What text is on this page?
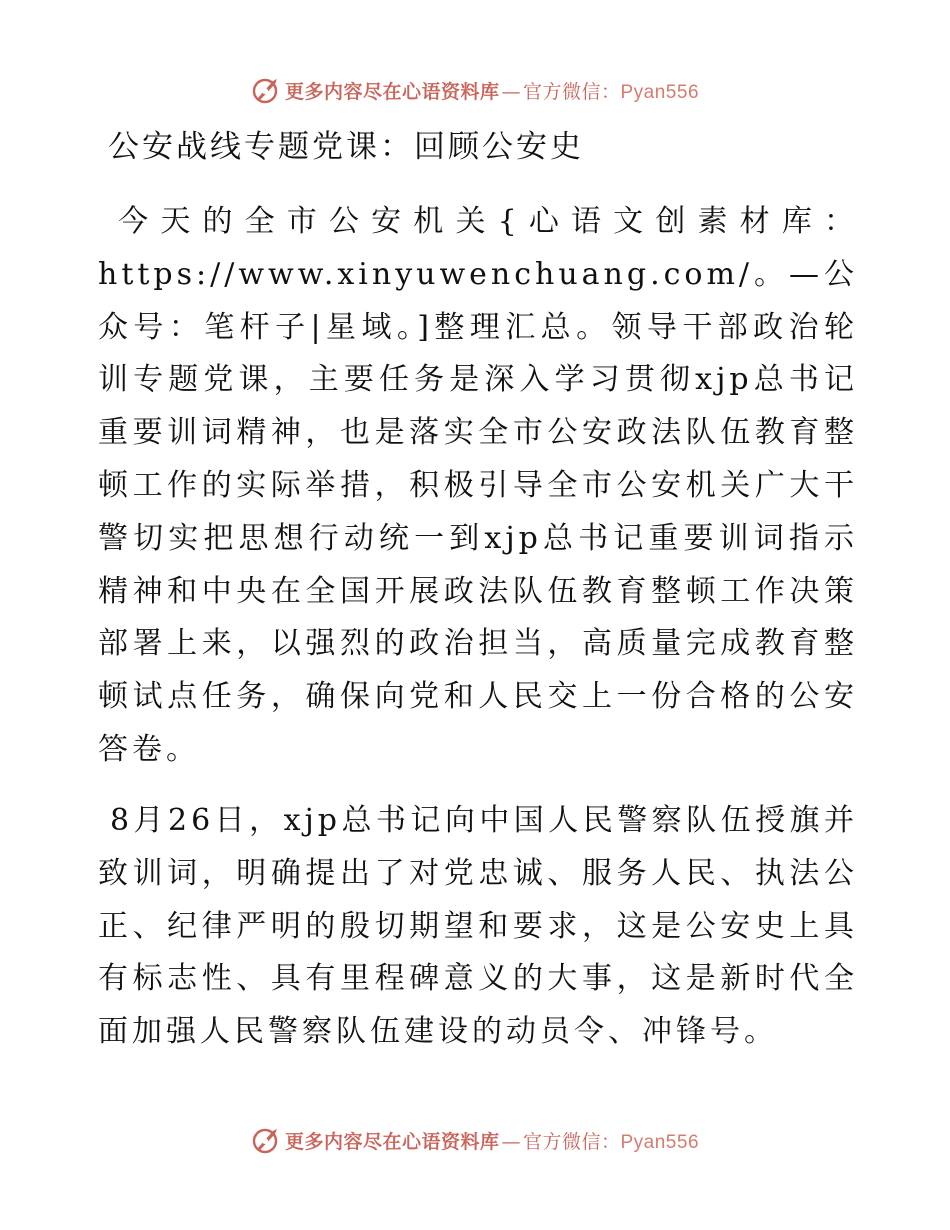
更多内容尽在心语资料库 — 官方微信：Pyan556
公安战线专题党课：回顾公安史

今天的全市公安机关{心语文创素材库：https://www.xinyuwenchuang.com/。—公众号：笔杆子|星域。]整理汇总。领导干部政治轮训专题党课，主要任务是深入学习贯彻xjp总书记重要训词精神，也是落实全市公安政法队伍教育整顿工作的实际举措，积极引导全市公安机关广大干警切实把思想行动统一到xjp总书记重要训词指示精神和中央在全国开展政法队伍教育整顿工作决策部署上来，以强烈的政治担当，高质量完成教育整顿试点任务，确保向党和人民交上一份合格的公安答卷。

8月26日，xjp总书记向中国人民警察队伍授旗并致训词，明确提出了对党忠诚、服务人民、执法公正、纪律严明的殷切期望和要求，这是公安史上具有标志性、具有里程碑意义的大事，这是新时代全面加强人民警察队伍建设的动员令、冲锋号。

更多内容尽在心语资料库 — 官方微信：Pyan556
